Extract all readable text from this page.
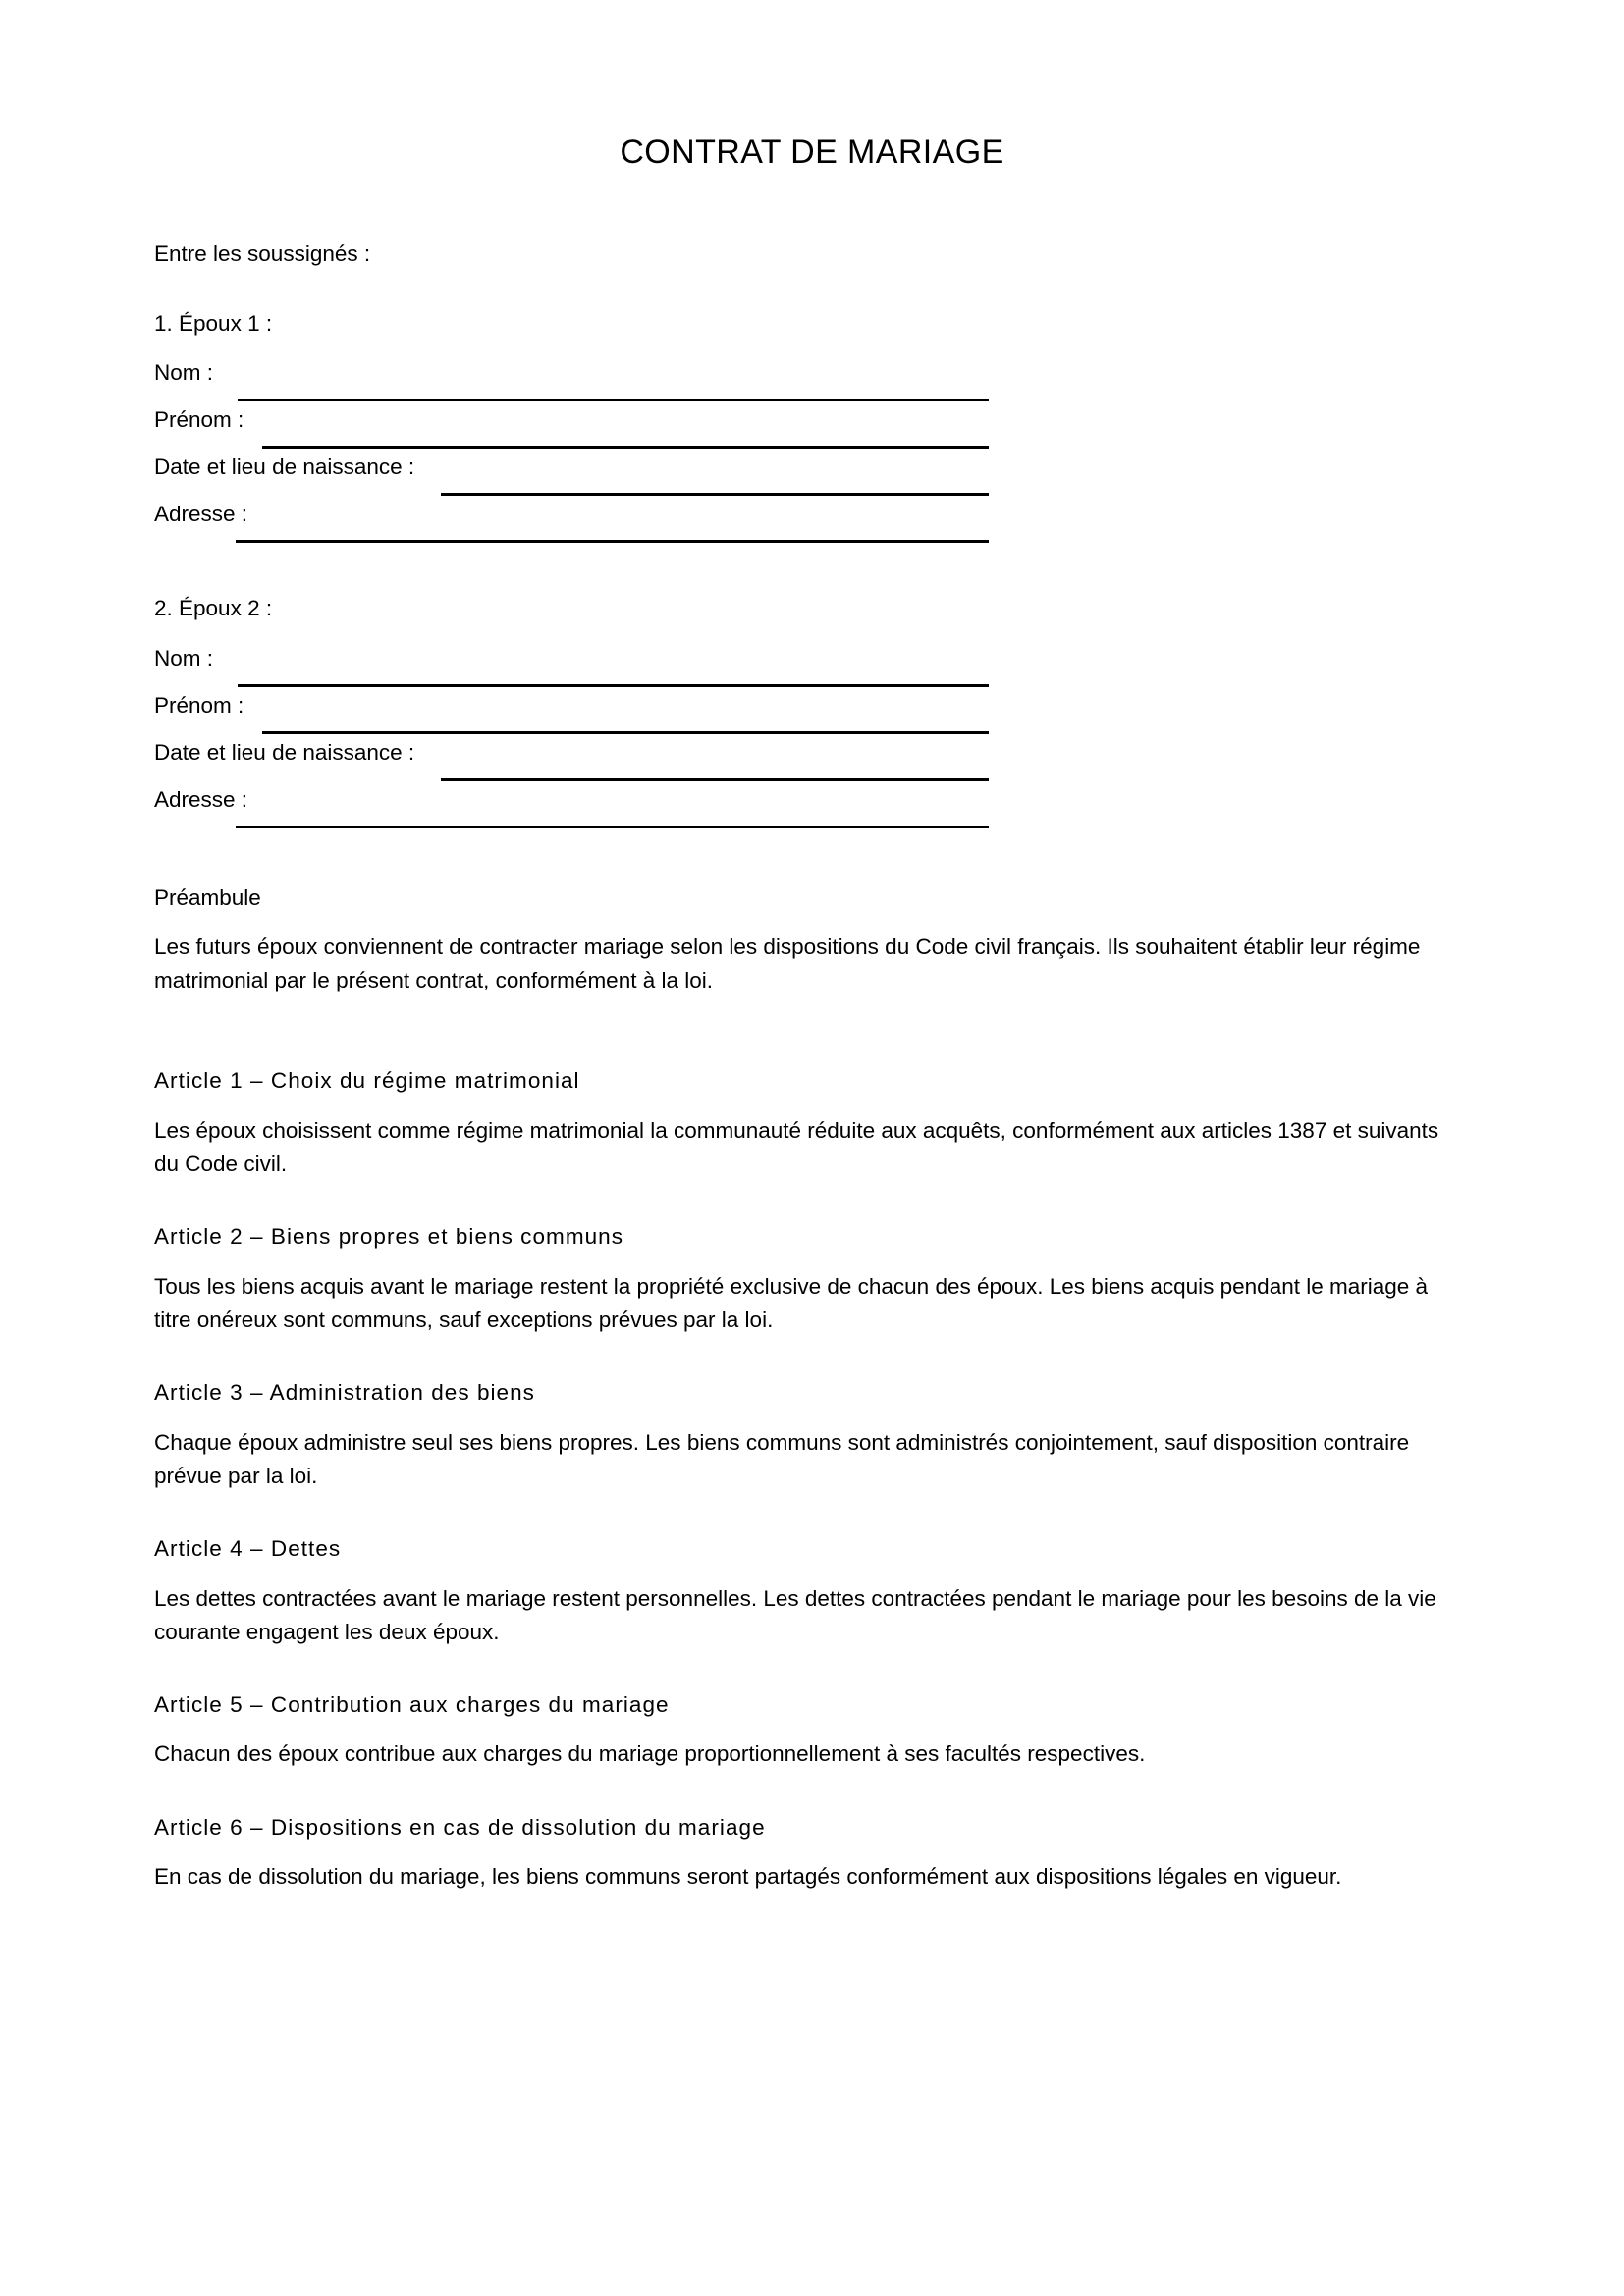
CONTRAT DE MARIAGE

Entre les soussignés :

1. Époux 1 :

Nom :
Prénom :
Date et lieu de naissance :
Adresse :

2. Époux 2 :

Nom :
Prénom :
Date et lieu de naissance :
Adresse :

Préambule

Les futurs époux conviennent de contracter mariage selon les dispositions du Code civil français. Ils souhaitent établir leur régime matrimonial par le présent contrat, conformément à la loi.

Article 1 – Choix du régime matrimonial

Les époux choisissent comme régime matrimonial la communauté réduite aux acquêts, conformément aux articles 1387 et suivants du Code civil.

Article 2 – Biens propres et biens communs

Tous les biens acquis avant le mariage restent la propriété exclusive de chacun des époux. Les biens acquis pendant le mariage à titre onéreux sont communs, sauf exceptions prévues par la loi.

Article 3 – Administration des biens

Chaque époux administre seul ses biens propres. Les biens communs sont administrés conjointement, sauf disposition contraire prévue par la loi.

Article 4 – Dettes

Les dettes contractées avant le mariage restent personnelles. Les dettes contractées pendant le mariage pour les besoins de la vie courante engagent les deux époux.

Article 5 – Contribution aux charges du mariage

Chacun des époux contribue aux charges du mariage proportionnellement à ses facultés respectives.

Article 6 – Dispositions en cas de dissolution du mariage

En cas de dissolution du mariage, les biens communs seront partagés conformément aux dispositions légales en vigueur.
